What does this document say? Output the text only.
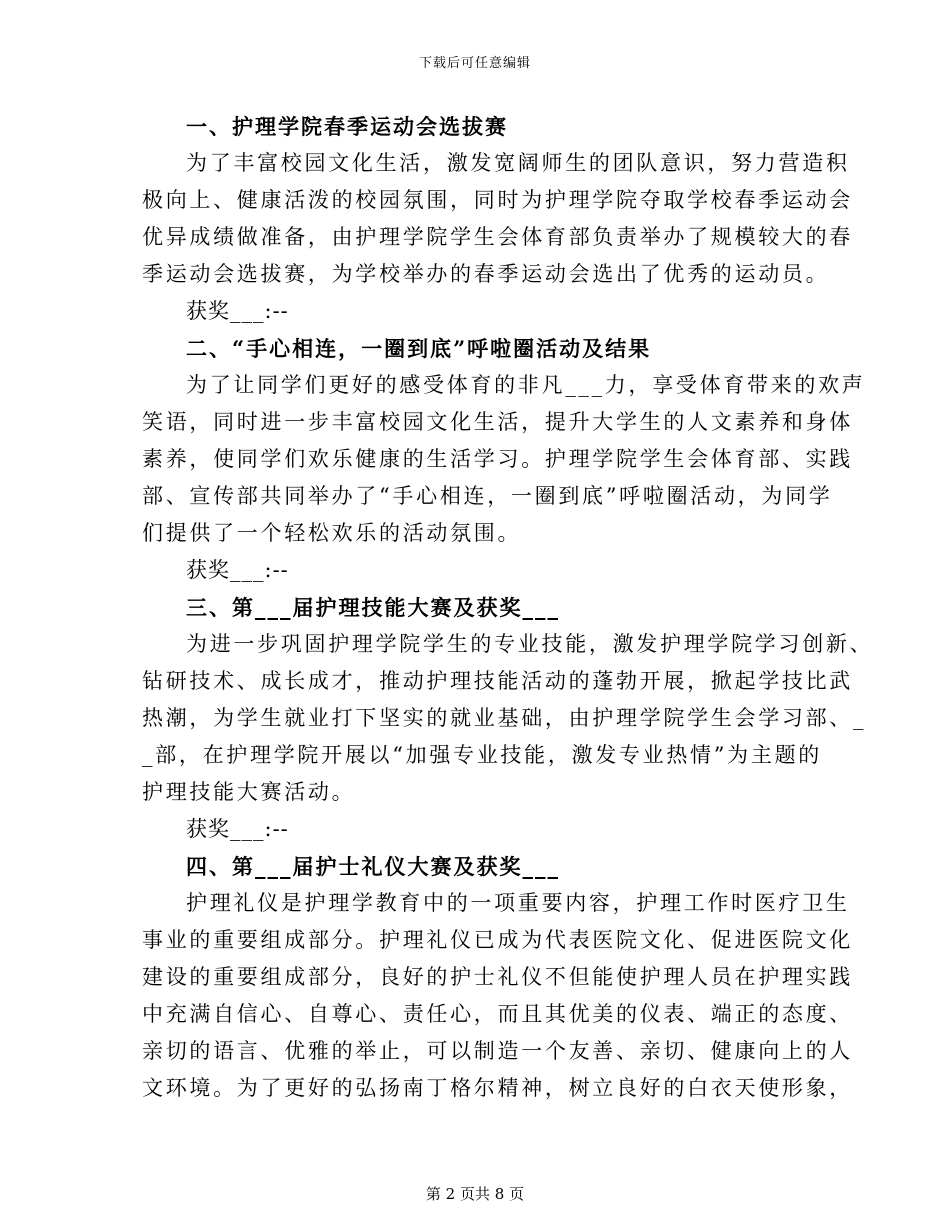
下载后可任意编辑
一、护理学院春季运动会选拔赛
为了丰富校园文化生活，激发宽阔师生的团队意识，努力营造积
极向上、健康活泼的校园氛围，同时为护理学院夺取学校春季运动会
优异成绩做准备，由护理学院学生会体育部负责举办了规模较大的春
季运动会选拔赛，为学校举办的春季运动会选出了优秀的运动员。
获奖___:--
二、“手心相连，一圈到底”呼啦圈活动及结果
为了让同学们更好的感受体育的非凡___力，享受体育带来的欢声
笑语，同时进一步丰富校园文化生活，提升大学生的人文素养和身体
素养，使同学们欢乐健康的生活学习。护理学院学生会体育部、实践
部、宣传部共同举办了“手心相连，一圈到底”呼啦圈活动，为同学
们提供了一个轻松欢乐的活动氛围。
获奖___:--
三、第___届护理技能大赛及获奖___
为进一步巩固护理学院学生的专业技能，激发护理学院学习创新、
钻研技术、成长成才，推动护理技能活动的蓬勃开展，掀起学技比武
热潮，为学生就业打下坚实的就业基础，由护理学院学生会学习部、_
_部，在护理学院开展以“加强专业技能，激发专业热情”为主题的
护理技能大赛活动。
获奖___:--
四、第___届护士礼仪大赛及获奖___
护理礼仪是护理学教育中的一项重要内容，护理工作时医疗卫生
事业的重要组成部分。护理礼仪已成为代表医院文化、促进医院文化
建设的重要组成部分，良好的护士礼仪不但能使护理人员在护理实践
中充满自信心、自尊心、责任心，而且其优美的仪表、端正的态度、
亲切的语言、优雅的举止，可以制造一个友善、亲切、健康向上的人
文环境。为了更好的弘扬南丁格尔精神，树立良好的白衣天使形象，
第 2 页共 8 页
